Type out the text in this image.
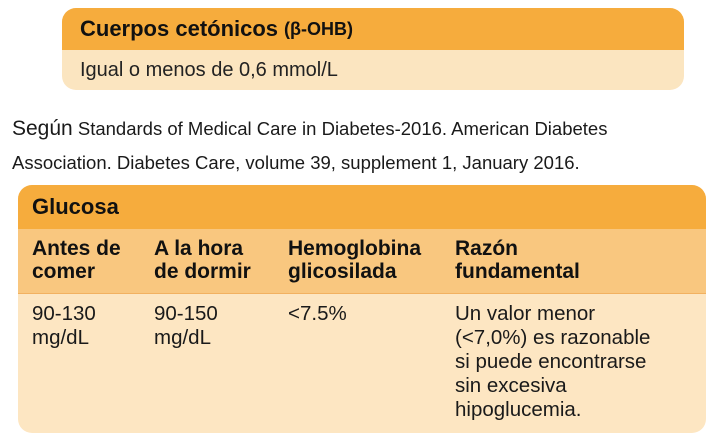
Cuerpos cetónicos (β-OHB)
Igual o menos de 0,6 mmol/L
Según Standards of Medical Care in Diabetes-2016. American Diabetes
Association. Diabetes Care, volume 39, supplement 1, January 2016.
Glucosa
Antes de
comer
A la hora
de dormir
Hemoglobina
glicosilada
Razón
fundamental
90-130
mg/dL
90-150
mg/dL
<7.5%	Un valor menor
(<7,0%) es razonable
si puede encontrarse
sin excesiva
hipoglucemia.
